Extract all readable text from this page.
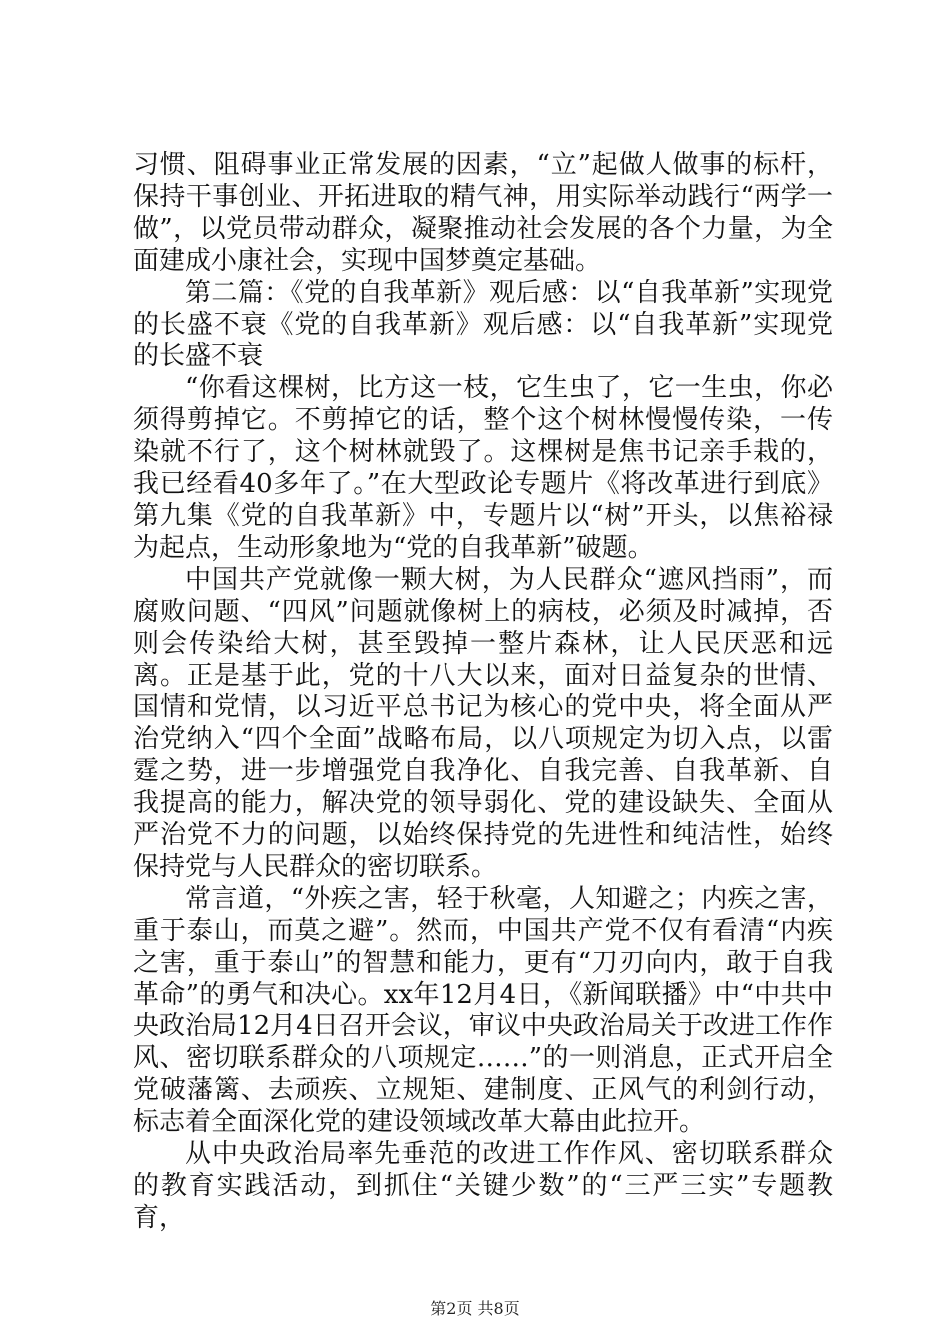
习惯、阻碍事业正常发展的因素，“立”起做人做事的标杆，保持干事创业、开拓进取的精气神，用实际举动践行“两学一做”，以党员带动群众，凝聚推动社会发展的各个力量，为全面建成小康社会，实现中国梦奠定基础。

第二篇：《党的自我革新》观后感：以“自我革新”实现党的长盛不衰《党的自我革新》观后感：以“自我革新”实现党的长盛不衰

“你看这棵树，比方这一枝，它生虫了，它一生虫，你必须得剪掉它。不剪掉它的话，整个这个树林慢慢传染，一传染就不行了，这个树林就毁了。这棵树是焦书记亲手栽的，我已经看40多年了。”在大型政论专题片《将改革进行到底》第九集《党的自我革新》中，专题片以“树”开头，以焦裕禄为起点，生动形象地为“党的自我革新”破题。

中国共产党就像一颗大树，为人民群众“遮风挡雨”，而腐败问题、“四风”问题就像树上的病枝，必须及时减掉，否则会传染给大树，甚至毁掉一整片森林，让人民厌恶和远离。正是基于此，党的十八大以来，面对日益复杂的世情、国情和党情，以习近平总书记为核心的党中央，将全面从严治党纳入“四个全面”战略布局，以八项规定为切入点，以雷霆之势，进一步增强党自我净化、自我完善、自我革新、自我提高的能力，解决党的领导弱化、党的建设缺失、全面从严治党不力的问题，以始终保持党的先进性和纯洁性，始终保持党与人民群众的密切联系。

常言道，“外疾之害，轻于秋毫，人知避之；内疾之害，重于泰山，而莫之避”。然而，中国共产党不仅有看清“内疾之害，重于泰山”的智慧和能力，更有“刀刃向内，敢于自我革命”的勇气和决心。xx年12月4日，《新闻联播》中“中共中央政治局12月4日召开会议，审议中央政治局关于改进工作作风、密切联系群众的八项规定……”的一则消息，正式开启全党破藩篱、去顽疾、立规矩、建制度、正风气的利剑行动，标志着全面深化党的建设领域改革大幕由此拉开。

从中央政治局率先垂范的改进工作作风、密切联系群众的教育实践活动，到抓住“关键少数”的“三严三实”专题教育，

第2页 共8页
